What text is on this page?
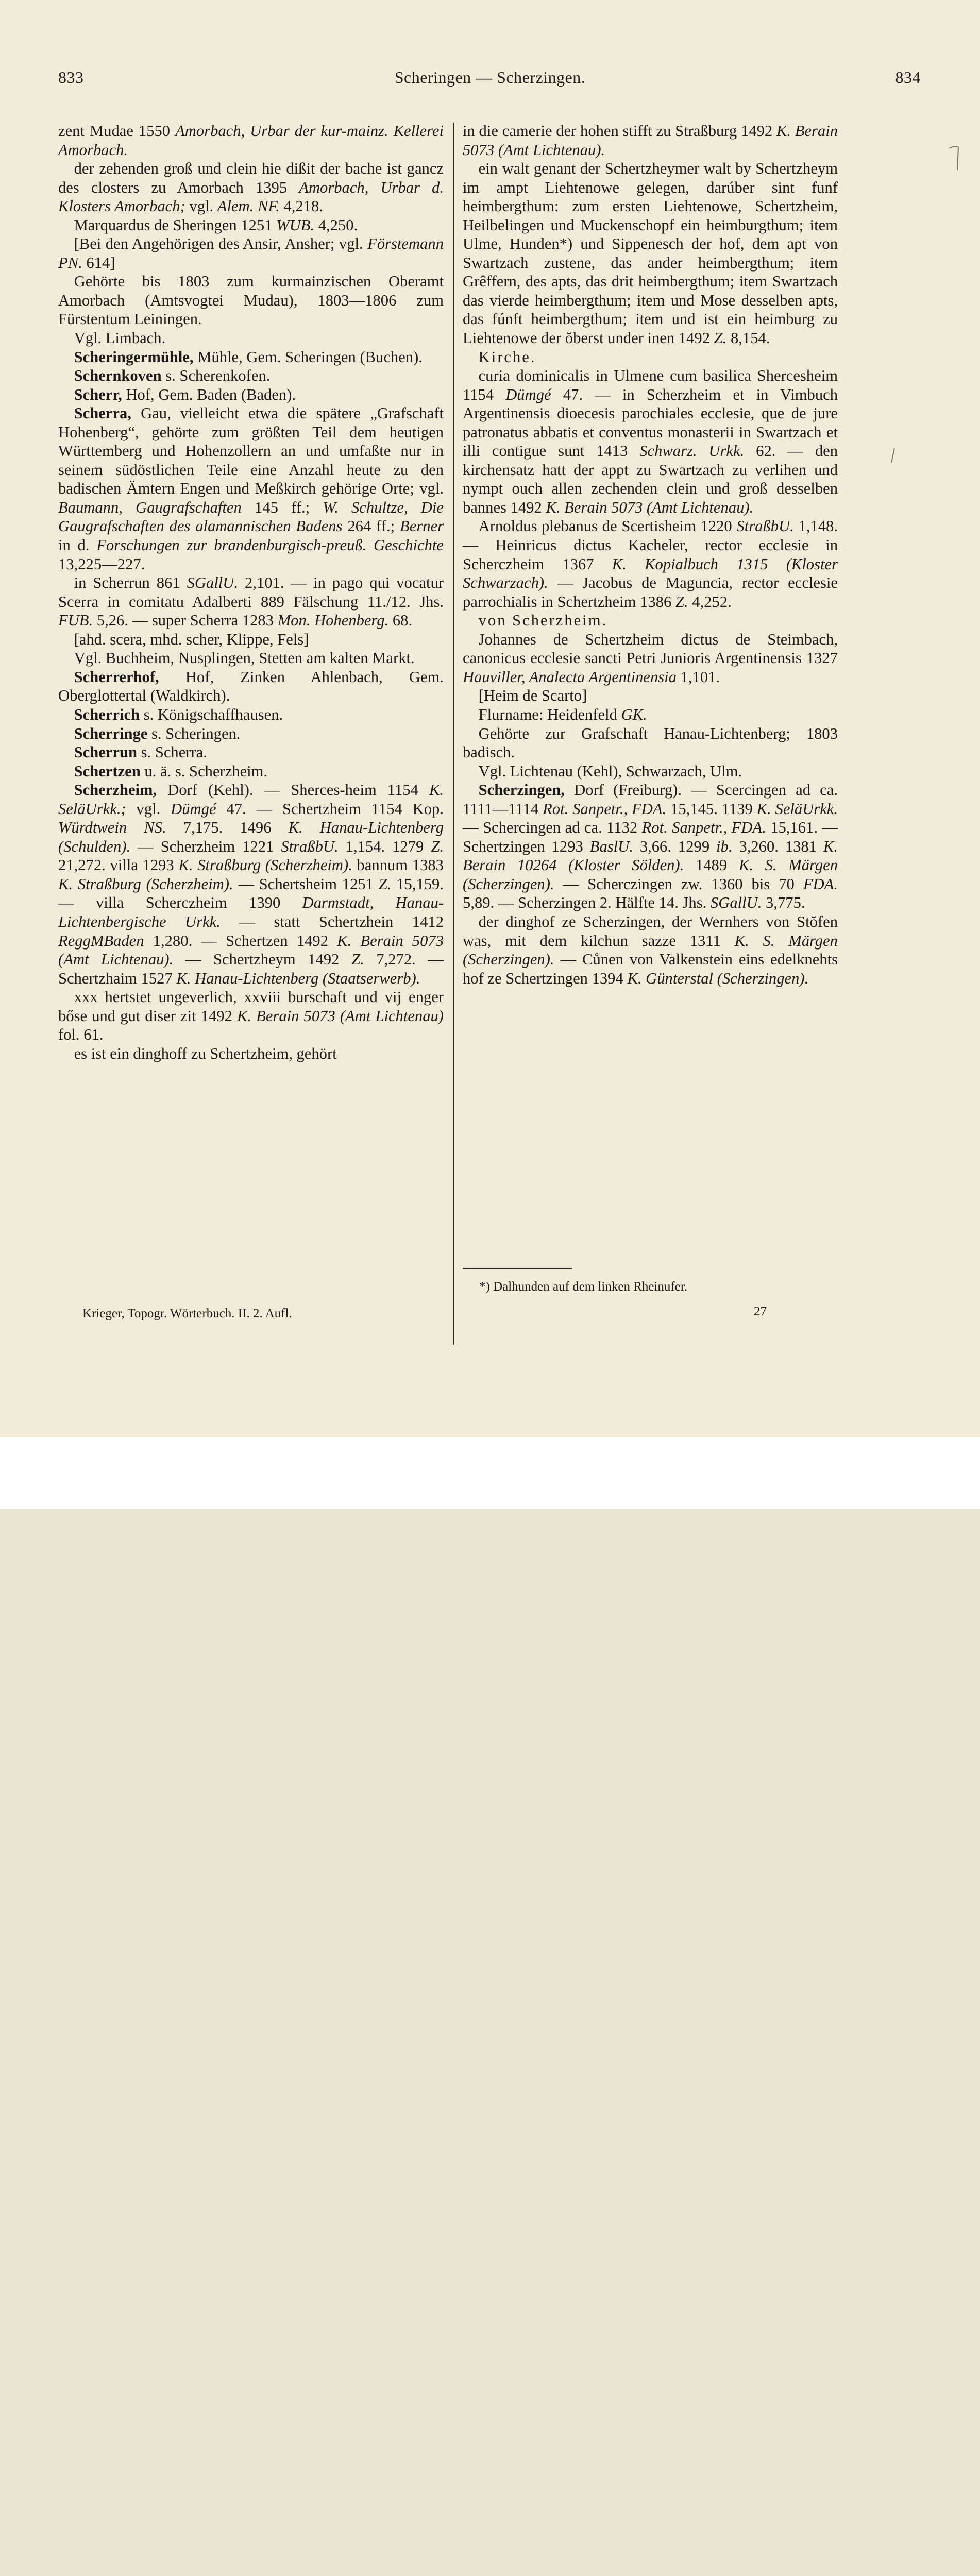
833	Scheringen — Scherzingen.	834

zent Mudae 1550 Amorbach, Urbar der kur-mainz. Kellerei Amorbach.

 der zehenden groß und clein hie dißit der bache ist gancz des closters zu Amorbach 1395 Amorbach, Urbar d. Klosters Amorbach; vgl. Alem. NF. 4,218.

 Marquardus de Sheringen 1251 WUB. 4,250.

 [Bei den Angehörigen des Ansir, Ansher; vgl. Förstemann PN. 614]

 Gehörte bis 1803 zum kurmainzischen Oberamt Amorbach (Amtsvogtei Mudau), 1803—1806 zum Fürstentum Leiningen.

 Vgl. Limbach.

 Scheringermühle, Mühle, Gem. Scheringen (Buchen).

 Schernkoven s. Scherenkofen.

 Scherr, Hof, Gem. Baden (Baden).

 Scherra, Gau, vielleicht etwa die spätere „Grafschaft Hohenberg“, gehörte zum größten Teil dem heutigen Württemberg und Hohenzollern an und umfaßte nur in seinem südöstlichen Teile eine Anzahl heute zu den badischen Ämtern Engen und Meßkirch gehörige Orte; vgl. Baumann, Gaugrafschaften 145 ff.; W. Schultze, Die Gaugrafschaften des alamannischen Badens 264 ff.; Berner in d. Forschungen zur brandenburgisch-preuß. Geschichte 13,225—227.

 in Scherrun 861 SGallU. 2,101. — in pago qui vocatur Scerra in comitatu Adalberti 889 Fälschung 11./12. Jhs. FUB. 5,26. — super Scherra 1283 Mon. Hohenberg. 68.

 [ahd. scera, mhd. scher, Klippe, Fels]

 Vgl. Buchheim, Nusplingen, Stetten am kalten Markt.

 Scherrerhof, Hof, Zinken Ahlenbach, Gem. Oberglottertal (Waldkirch).

 Scherrich s. Königschaffhausen.

 Scherringe s. Scheringen.

 Scherrun s. Scherra.

 Schertzen u. ä. s. Scherzheim.

 Scherzheim, Dorf (Kehl). — Sherces-heim 1154 K. SeläUrkk.; vgl. Dümgé 47. — Schertzheim 1154 Kop. Würdtwein NS. 7,175. 1496 K. Hanau-Lichtenberg (Schulden). — Scherzheim 1221 StraßbU. 1,154. 1279 Z. 21,272. villa 1293 K. Straßburg (Scherzheim). bannum 1383 K. Straßburg (Scherzheim). — Schertsheim 1251 Z. 15,159. — villa Scherczheim 1390 Darmstadt, Hanau-Lichtenbergische Urkk. — statt Schertzhein 1412 ReggMBaden 1,280. — Schertzen 1492 K. Berain 5073 (Amt Lichtenau). — Schertzheym 1492 Z. 7,272. — Schertzhaim 1527 K. Hanau-Lichtenberg (Staatserwerb).

 xxx hertstet ungeverlich, xxviii burschaft und vij enger bőse und gut diser zit 1492 K. Berain 5073 (Amt Lichtenau) fol. 61.

 es ist ein dinghoff zu Schertzheim, gehört

in die camerie der hohen stifft zu Straßburg 1492 K. Berain 5073 (Amt Lichtenau).

 ein walt genant der Schertzheymer walt by Schertzheym im ampt Liehtenowe gelegen, darúber sint funf heimbergthum: zum ersten Liehtenowe, Schertzheim, Heilbelingen und Muckenschopf ein heimburgthum; item Ulme, Hunden*) und Sippenesch der hof, dem apt von Swartzach zustene, das ander heimbergthum; item Grêffern, des apts, das drit heimbergthum; item Swartzach das vierde heimbergthum; item und Mose desselben apts, das fúnft heimbergthum; item und ist ein heimburg zu Liehtenowe der ŏberst under inen 1492 Z. 8,154.

 Kirche.

 curia dominicalis in Ulmene cum basilica Shercesheim 1154 Dümgé 47. — in Scherzheim et in Vimbuch Argentinensis dioecesis parochiales ecclesie, que de jure patronatus abbatis et conventus monasterii in Swartzach et illi contigue sunt 1413 Schwarz. Urkk. 62. — den kirchensatz hatt der appt zu Swartzach zu verlihen und nympt ouch allen zechenden clein und groß desselben bannes 1492 K. Berain 5073 (Amt Lichtenau).

 Arnoldus plebanus de Scertisheim 1220 StraßbU. 1,148. — Heinricus dictus Kacheler, rector ecclesie in Scherczheim 1367 K. Kopialbuch 1315 (Kloster Schwarzach). — Jacobus de Maguncia, rector ecclesie parrochialis in Schertzheim 1386 Z. 4,252.

 von Scherzheim.

 Johannes de Schertzheim dictus de Steimbach, canonicus ecclesie sancti Petri Junioris Argentinensis 1327 Hauviller, Analecta Argentinensia 1,101.

 [Heim de Scarto]

 Flurname: Heidenfeld GK.

 Gehörte zur Grafschaft Hanau-Lichtenberg; 1803 badisch.

 Vgl. Lichtenau (Kehl), Schwarzach, Ulm.

 Scherzingen, Dorf (Freiburg). — Scercingen ad ca. 1111—1114 Rot. Sanpetr., FDA. 15,145. 1139 K. SeläUrkk. — Schercingen ad ca. 1132 Rot. Sanpetr., FDA. 15,161. — Schertzingen 1293 BaslU. 3,66. 1299 ib. 3,260. 1381 K. Berain 10264 (Kloster Sölden). 1489 K. S. Märgen (Scherzingen). — Scherczingen zw. 1360 bis 70 FDA. 5,89. — Scherzingen 2. Hälfte 14. Jhs. SGallU. 3,775.

 der dinghof ze Scherzingen, der Wernhers von Stŏfen was, mit dem kilchun sazze 1311 K. S. Märgen (Scherzingen). — Cůnen von Valkenstein eins edelknehts hof ze Schertzingen 1394 K. Günterstal (Scherzingen).

*) Dalhunden auf dem linken Rheinufer.
Krieger, Topogr. Wörterbuch. II. 2. Aufl.	27
